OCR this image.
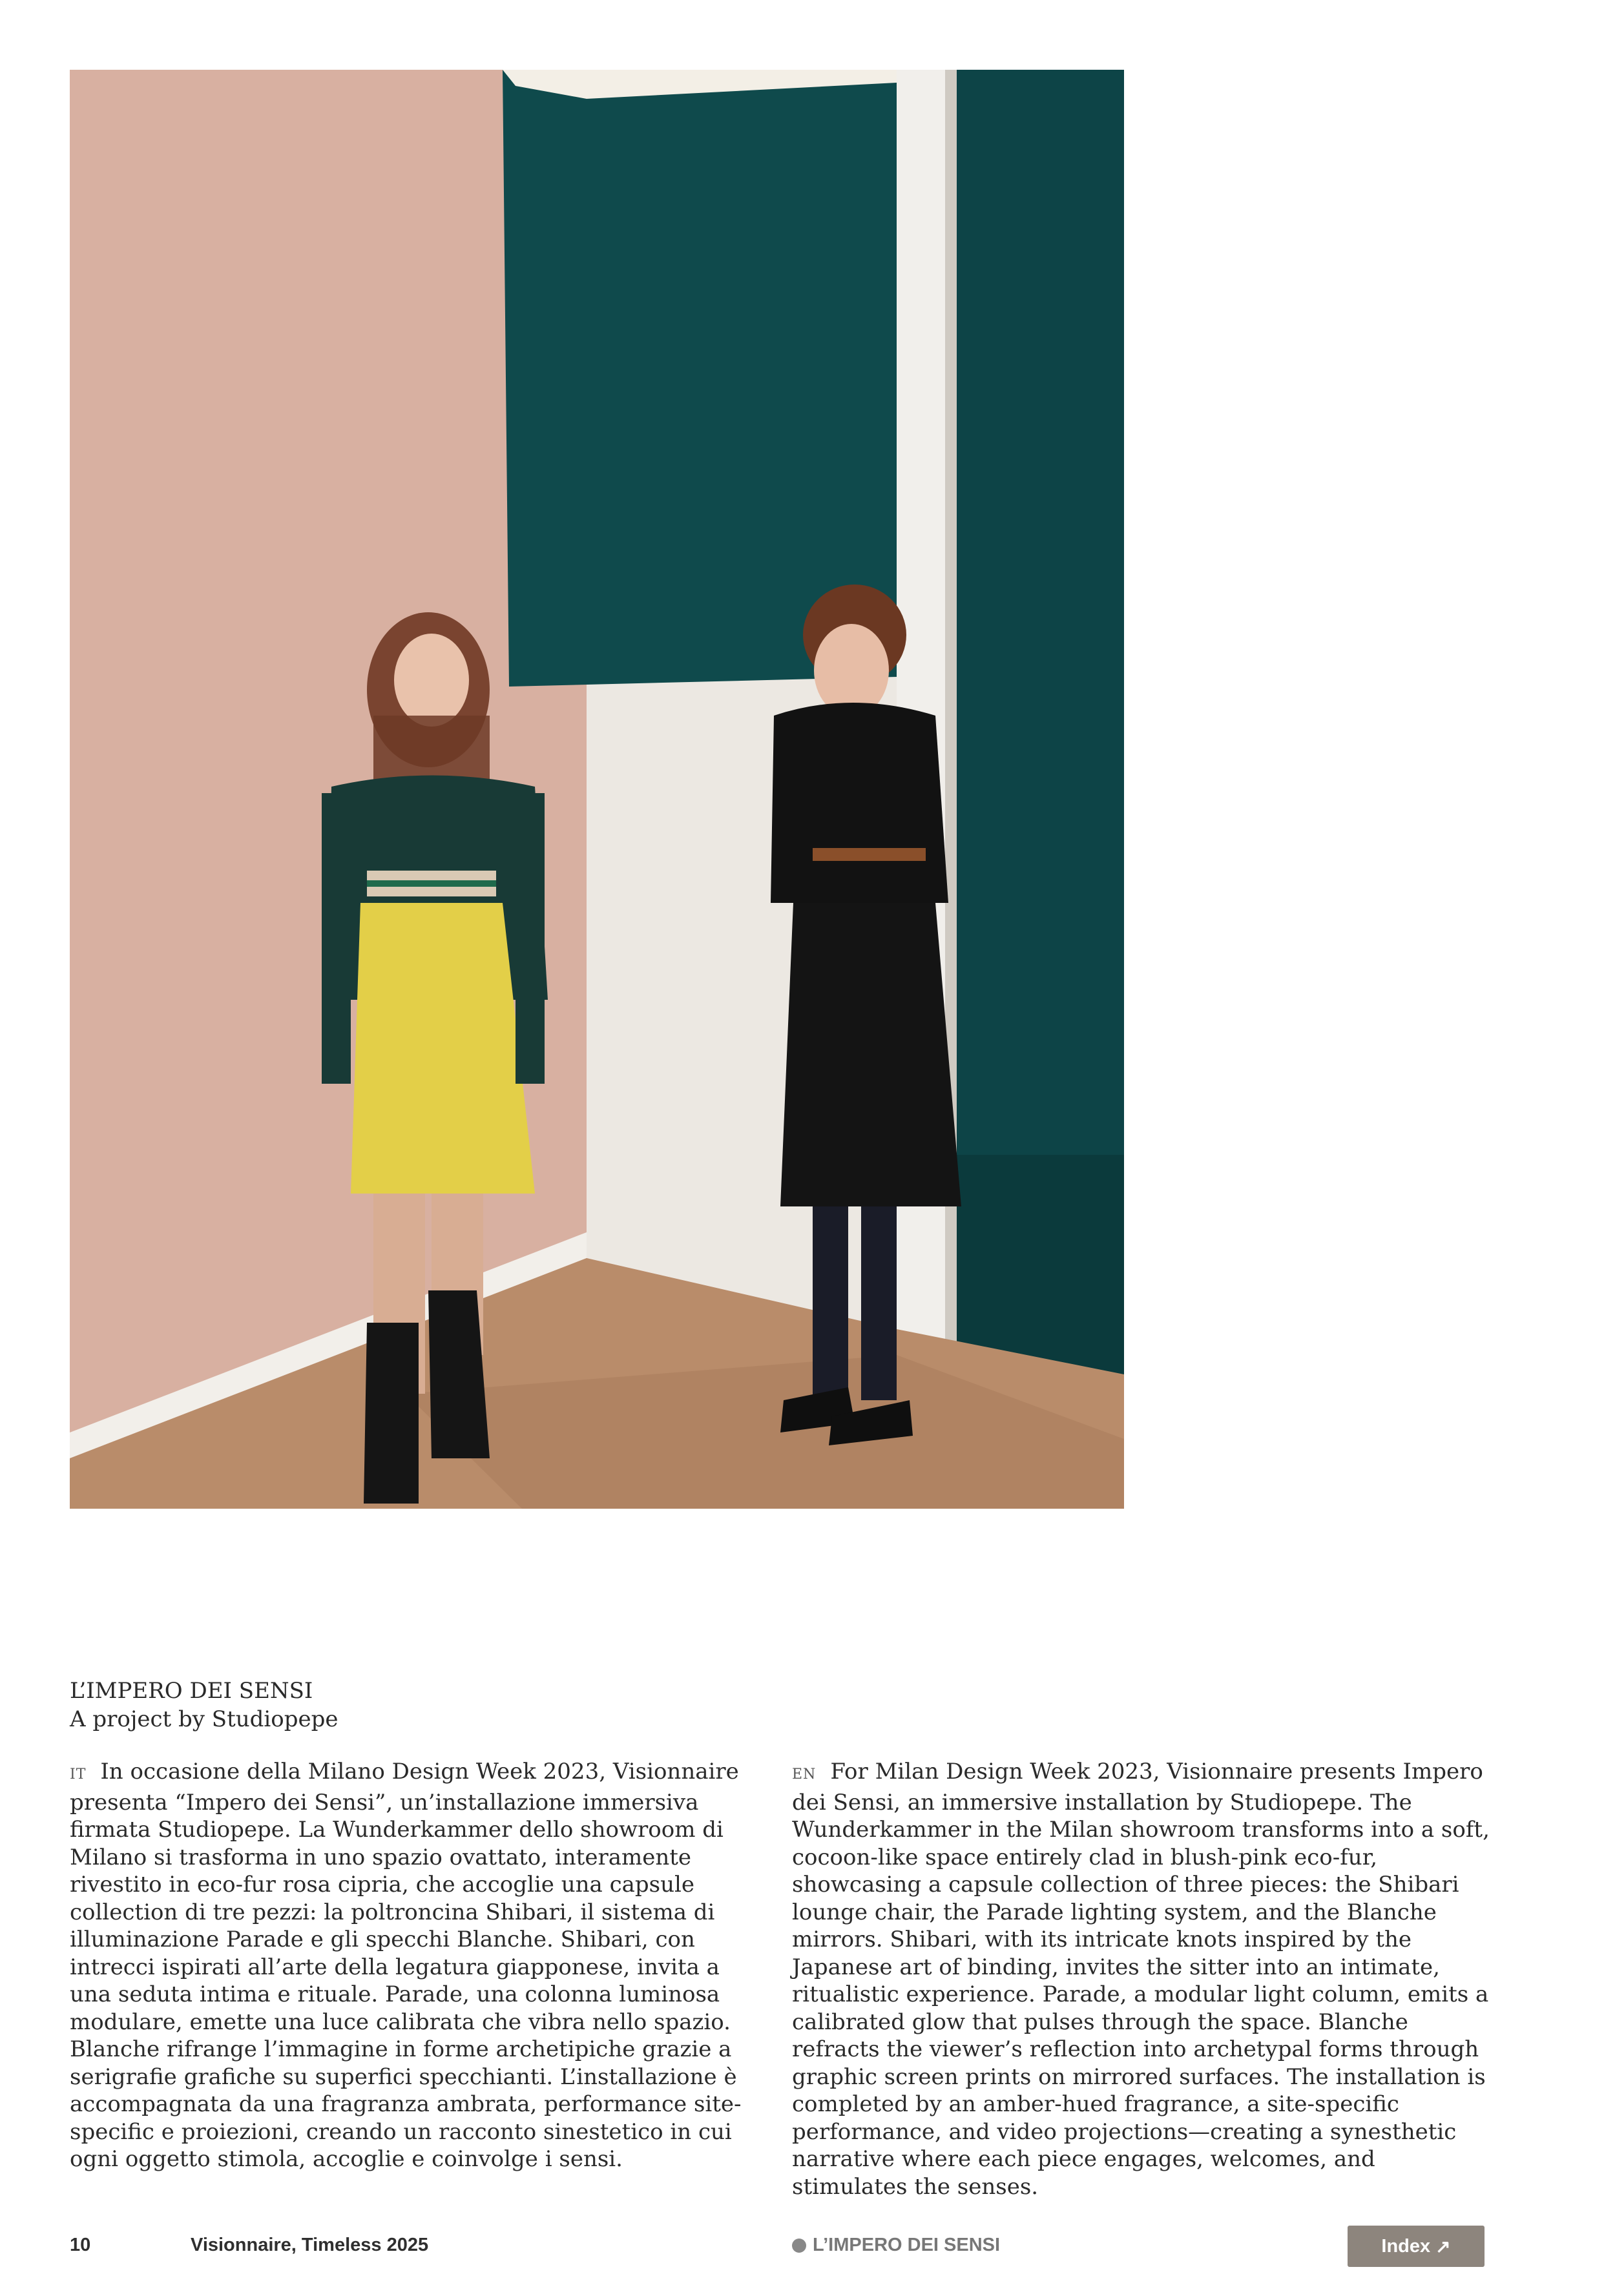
L’IMPERO DEI SENSI
A project by Studiopepe
IT In occasione della Milano Design Week 2023, Visionnaire presenta “Impero dei Sensi”, un’installazione immersiva firmata Studiopepe. La Wunderkammer dello showroom di Milano si trasforma in uno spazio ovattato, interamente rivestito in eco-fur rosa cipria, che accoglie una capsule collection di tre pezzi: la poltroncina Shibari, il sistema di illuminazione Parade e gli specchi Blanche. Shibari, con intrecci ispirati all’arte della legatura giapponese, invita a una seduta intima e rituale. Parade, una colonna luminosa modulare, emette una luce calibrata che vibra nello spazio. Blanche rifrange l’immagine in forme archetipiche grazie a serigrafie grafiche su superfici specchianti. L’installazione è accompagnata da una fragranza ambrata, performance site-specific e proiezioni, creando un racconto sinestetico in cui ogni oggetto stimola, accoglie e coinvolge i sensi.
EN For Milan Design Week 2023, Visionnaire presents Impero dei Sensi, an immersive installation by Studiopepe. The Wunderkammer in the Milan showroom transforms into a soft, cocoon-like space entirely clad in blush-pink eco-fur, showcasing a capsule collection of three pieces: the Shibari lounge chair, the Parade lighting system, and the Blanche mirrors. Shibari, with its intricate knots inspired by the Japanese art of binding, invites the sitter into an intimate, ritualistic experience. Parade, a modular light column, emits a calibrated glow that pulses through the space. Blanche refracts the viewer’s reflection into archetypal forms through graphic screen prints on mirrored surfaces. The installation is completed by an amber-hued fragrance, a site-specific performance, and video projections—creating a synesthetic narrative where each piece engages, welcomes, and stimulates the senses.
10	Visionnaire, Timeless 2025	L’IMPERO DEI SENSI	Index ↗
